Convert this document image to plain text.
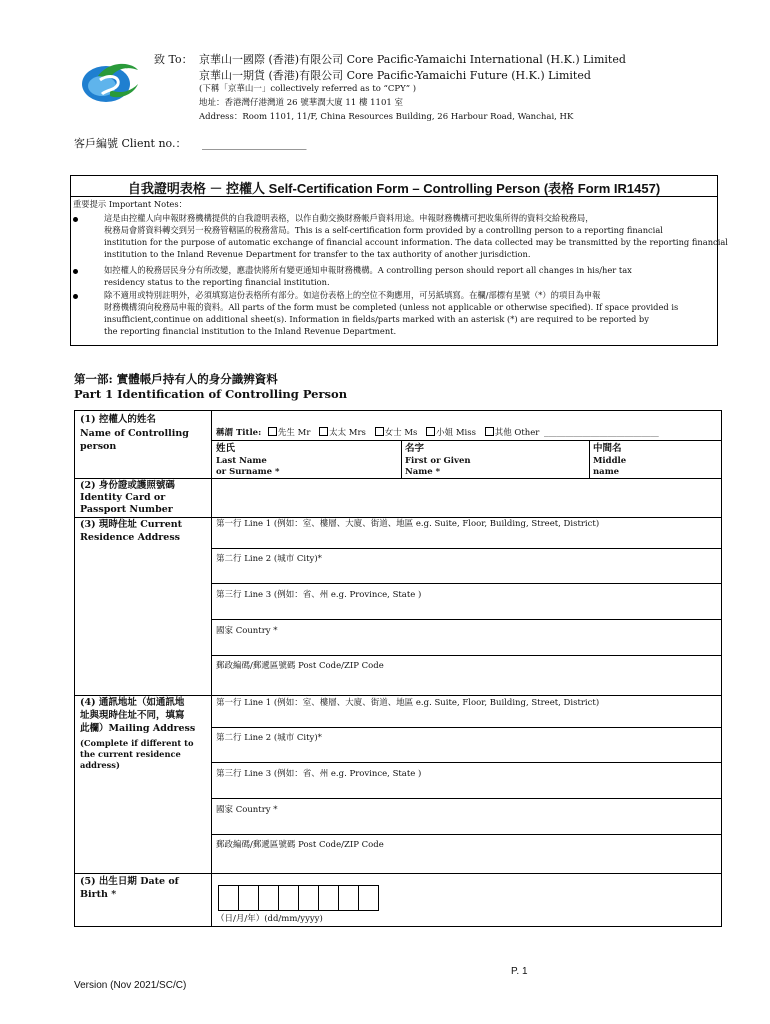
致 To： 京華山一國際 (香港)有限公司 Core Pacific-Yamaichi International (H.K.) Limited
京華山一期貨 (香港)有限公司 Core Pacific-Yamaichi Future (H.K.) Limited
(下稱「京華山一」collectively referred as to “CPY” )
地址：香港灣仔港灣道 26 號華潤大廈 11 樓 1101 室
Address：Room 1101, 11/F, China Resources Building, 26 Harbour Road, Wanchai, HK
客戶編號 Client no.： ___________________
自我證明表格 － 控權人 Self-Certification Form – Controlling Person (表格 Form IR1457)
重要提示 Important Notes：
這是由控權人向申報財務機構提供的自我證明表格，以作自動交換財務帳戶資料用途。申報財務機構可把收集所得的資料交給稅務局，
稅務局會將資料轉交到另一稅務管轄區的稅務當局。This is a self-certification form provided by a controlling person to a reporting financial
institution for the purpose of automatic exchange of financial account information. The data collected may be transmitted by the reporting financial
institution to the Inland Revenue Department for transfer to the tax authority of another jurisdiction.
如控權人的稅務居民身分有所改變，應盡快將所有變更通知申報財務機構。A controlling person should report all changes in his/her tax
residency status to the reporting financial institution.
除不適用或特別註明外，必須填寫這份表格所有部分。如這份表格上的空位不夠應用，可另紙填寫。在欄/部標有星號（*）的項目為申報
財務機構須向稅務局申報的資料。All parts of the form must be completed (unless not applicable or otherwise specified). If space provided is
insufficient,continue on additional sheet(s). Information in fields/parts marked with an asterisk (*) are required to be reported by
the reporting financial institution to the Inland Revenue Department.
第一部: 實體帳戶持有人的身分識辨資料
Part 1 Identification of Controlling Person
(1) 控權人的姓名
Name of Controlling
person
稱謂 Title: 先生 Mr 太太 Mrs 女士 Ms 小姐 Miss 其他 Other ___________________________
姓氏
Last Name
or Surname *
名字
First or Given
Name *
中間名
Middle
name
(2) 身份證或護照號碼
Identity Card or
Passport Number
(3) 現時住址 Current
Residence Address
第一行 Line 1 (例如：室、樓層、大廈、街道、地區 e.g. Suite, Floor, Building, Street, District)
第二行 Line 2 (城市 City)*
第三行 Line 3 (例如：省、州 e.g. Province, State )
國家 Country *
郵政編碼/郵遞區號碼 Post Code/ZIP Code
(4) 通訊地址（如通訊地
址與現時住址不同，填寫
此欄）Mailing Address
(Complete if different to
the current residence
address)
第一行 Line 1 (例如：室、樓層、大廈、街道、地區 e.g. Suite, Floor, Building, Street, District)
第二行 Line 2 (城市 City)*
第三行 Line 3 (例如：省、州 e.g. Province, State )
國家 Country *
郵政編碼/郵遞區號碼 Post Code/ZIP Code
(5) 出生日期 Date of
Birth *
（日/月/年）(dd/mm/yyyy)
P. 1
Version (Nov 2021/SC/C)
